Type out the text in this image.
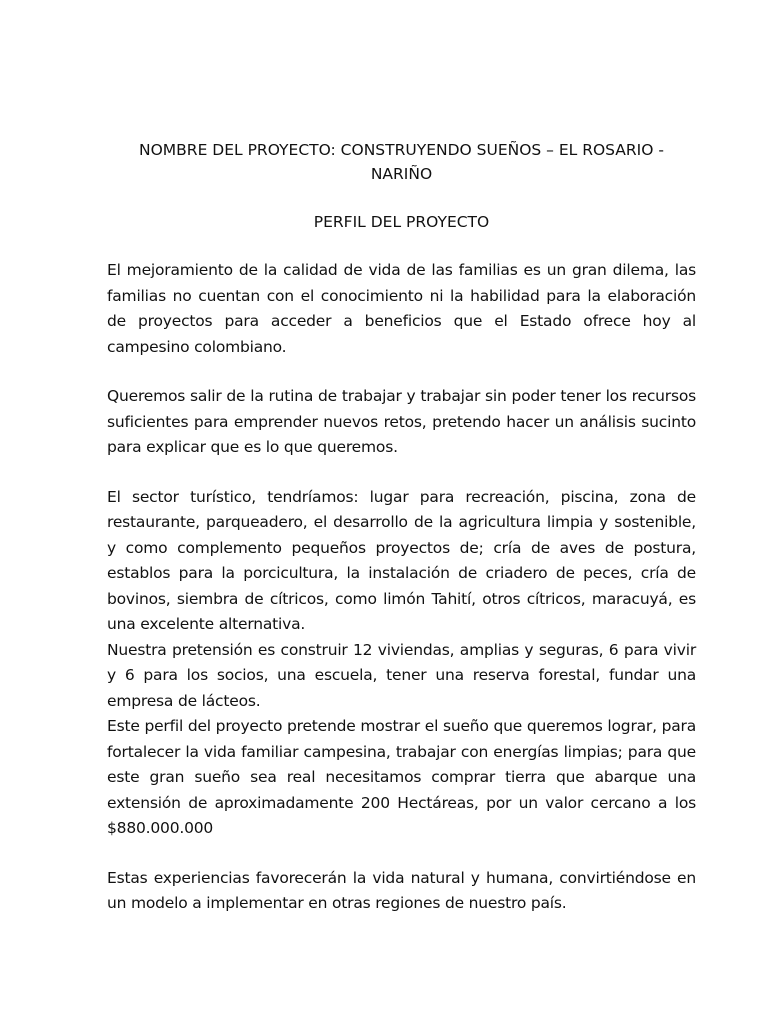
NOMBRE DEL PROYECTO: CONSTRUYENDO SUEÑOS – EL ROSARIO - NARIÑO
PERFIL DEL PROYECTO

El mejoramiento de la calidad de vida de las familias es un gran dilema, las familias no cuentan con el conocimiento ni la habilidad para la elaboración de proyectos para acceder a beneficios que el Estado ofrece hoy al campesino colombiano.

Queremos salir de la rutina de trabajar y trabajar sin poder tener los recursos suficientes para emprender nuevos retos, pretendo hacer un análisis sucinto para explicar que es lo que queremos.

El sector turístico, tendríamos: lugar para recreación, piscina, zona de restaurante, parqueadero, el desarrollo de la agricultura limpia y sostenible, y como complemento pequeños proyectos de; cría de aves de postura, establos para la porcicultura, la instalación de criadero de peces, cría de bovinos, siembra de cítricos, como limón Tahití, otros cítricos, maracuyá, es una excelente alternativa.

Nuestra pretensión es construir 12 viviendas, amplias y seguras, 6 para vivir y 6 para los socios, una escuela, tener una reserva forestal, fundar una empresa de lácteos.

Este perfil del proyecto pretende mostrar el sueño que queremos lograr, para fortalecer la vida familiar campesina, trabajar con energías limpias; para que este gran sueño sea real necesitamos comprar tierra que abarque una extensión de aproximadamente 200 Hectáreas, por un valor cercano a los $880.000.000

Estas experiencias favorecerán la vida natural y humana, convirtiéndose en un modelo a implementar en otras regiones de nuestro país.
